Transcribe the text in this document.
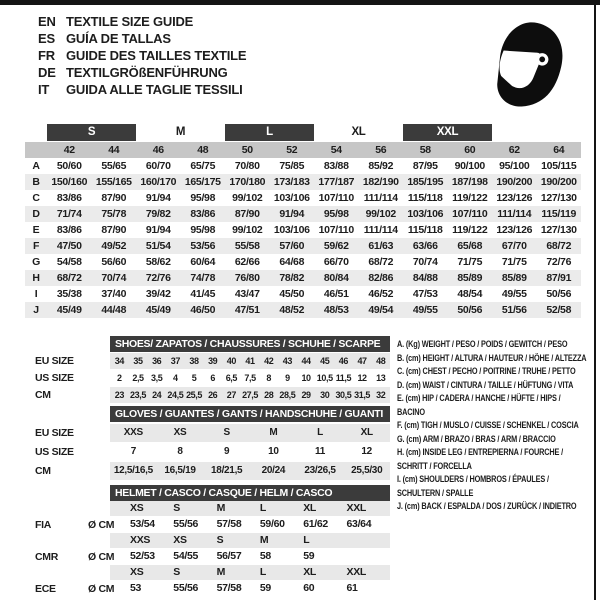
EN TEXTILE SIZE GUIDE
ES GUÍA DE TALLAS
FR GUIDE DES TAILLES TEXTILE
DE TEXTILGRÖßENFÜHRUNG
IT	GUIDA ALLE TAGLIE TESSILI
S	M	L	XL	XXL
42	44	46	48	50	52	54	56	58	60	62	64
A	50/60	55/65	60/70	65/75	70/80	75/85	83/88	85/92	87/95	90/100	95/100	105/115
B	150/160 155/165 160/170 165/175 170/180 173/183 177/187 182/190 185/195 187/198 190/200 190/200
C	83/86	87/90	91/94	95/98	99/102	103/106 107/110 111/114 115/118 119/122 123/126 127/130
D	71/74	75/78	79/82	83/86	87/90	91/94	95/98	99/102	103/106 107/110 111/114 115/119
E	83/86	87/90	91/94	95/98	99/102	103/106 107/110 111/114 115/118 119/122 123/126 127/130
F	47/50	49/52	51/54	53/56	55/58	57/60	59/62	61/63	63/66	65/68	67/70	68/72
G	54/58	56/60	58/62	60/64	62/66	64/68	66/70	68/72	70/74	71/75	71/75	72/76
H	68/72	70/74	72/76	74/78	76/80	78/82	80/84	82/86	84/88	85/89	85/89	87/91
I	35/38	37/40	39/42	41/45	43/47	45/50	46/51	46/52	47/53	48/54	49/55	50/56
J	45/49	44/48	45/49	46/50	47/51	48/52	48/53	49/54	49/55	50/56	51/56	52/58
SHOES/ ZAPATOS / CHAUSSURES / SCHUHE / SCARPE
EU SIZE	34	35	36	37	38	39	40	41	42	43	44	45	46	47	48
US SIZE	2	2,5 3,5	4	5	6	6,5 7,5	8	9	10 10,5 11,5 12	13
CM	23 23,5 24 24,5 25,5 26	27 27,5 28 28,5 29	30 30,5 31,5 32
GLOVES / GUANTES / GANTS / HANDSCHUHE / GUANTI
EU SIZE	XXS	XS	S	M	L	XL
US SIZE	7	8	9	10	11	12
CM	12,5/16,5	16,5/19	18/21,5	20/24	23/26,5	25,5/30
HELMET / CASCO / CASQUE / HELM / CASCO
XS	S	M	L	XL	XXL
FIA	Ø CM	53/54	55/56	57/58	59/60	61/62	63/64
XXS	XS	S	M	L
CMR	Ø CM	52/53	54/55	56/57	58	59
XS	S	M	L	XL	XXL
ECE	Ø CM	53	55/56	57/58	59	60	61
A. (Kg) WEIGHT / PESO / POIDS / GEWITCH / PESO
B. (cm) HEIGHT / ALTURA / HAUTEUR / HÖHE / ALTEZZA
C. (cm) CHEST / PECHO / POITRINE / TRUHE / PETTO
D. (cm) WAIST / CINTURA / TAILLE / HÜFTUNG / VITA
E. (cm) HIP / CADERA / HANCHE / HÜFTE / HIPS / BACINO
F. (cm) TIGH / MUSLO / CUISSE / SCHENKEL / COSCIA
G. (cm) ARM / BRAZO / BRAS / ARM / BRACCIO
H. (cm) INSIDE LEG / ENTREPIERNA / FOURCHE / SCHRITT / FORCELLA
I. (cm) SHOULDERS / HOMBROS / ÉPAULES / SCHULTERN / SPALLE
J. (cm) BACK / ESPALDA / DOS / ZURÜCK / INDIETRO
